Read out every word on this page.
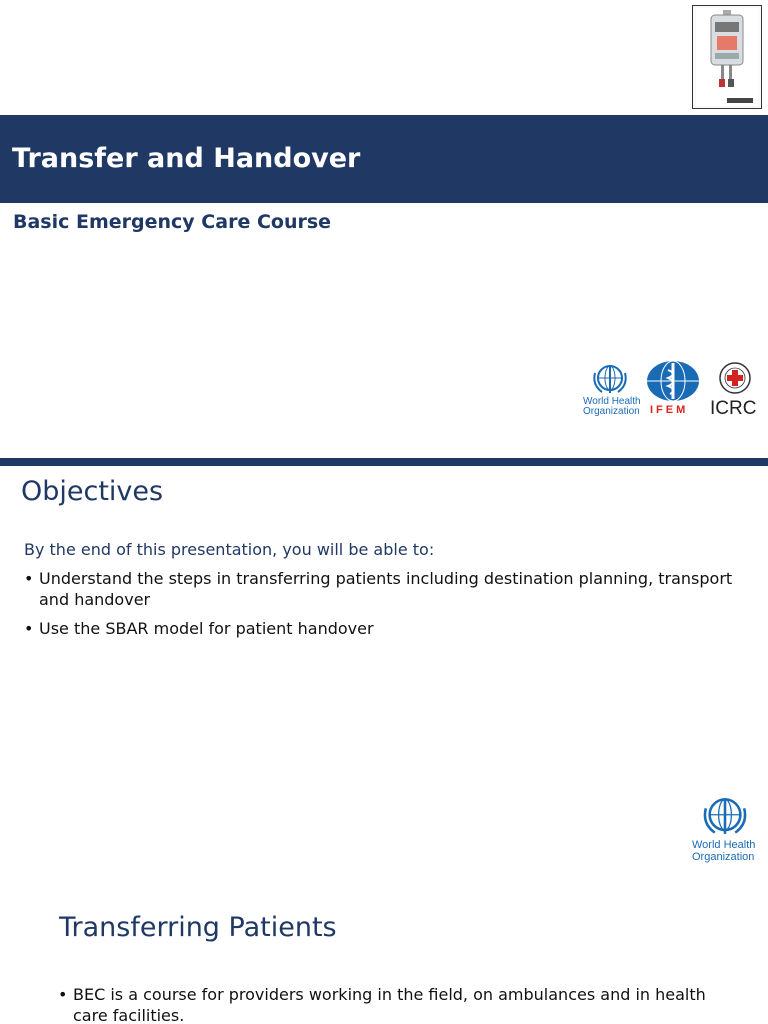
Transfer and Handover
Basic Emergency Care Course
World Health
Organization IFEM ICRC
Objectives

By the end of this presentation, you will be able to:

• Understand the steps in transferring patients including destination planning, transport and handover
• Use the SBAR model for patient handover
World Health
Organization
Transferring Patients
• BEC is a course for providers working in the field, on ambulances and in health care facilities.
